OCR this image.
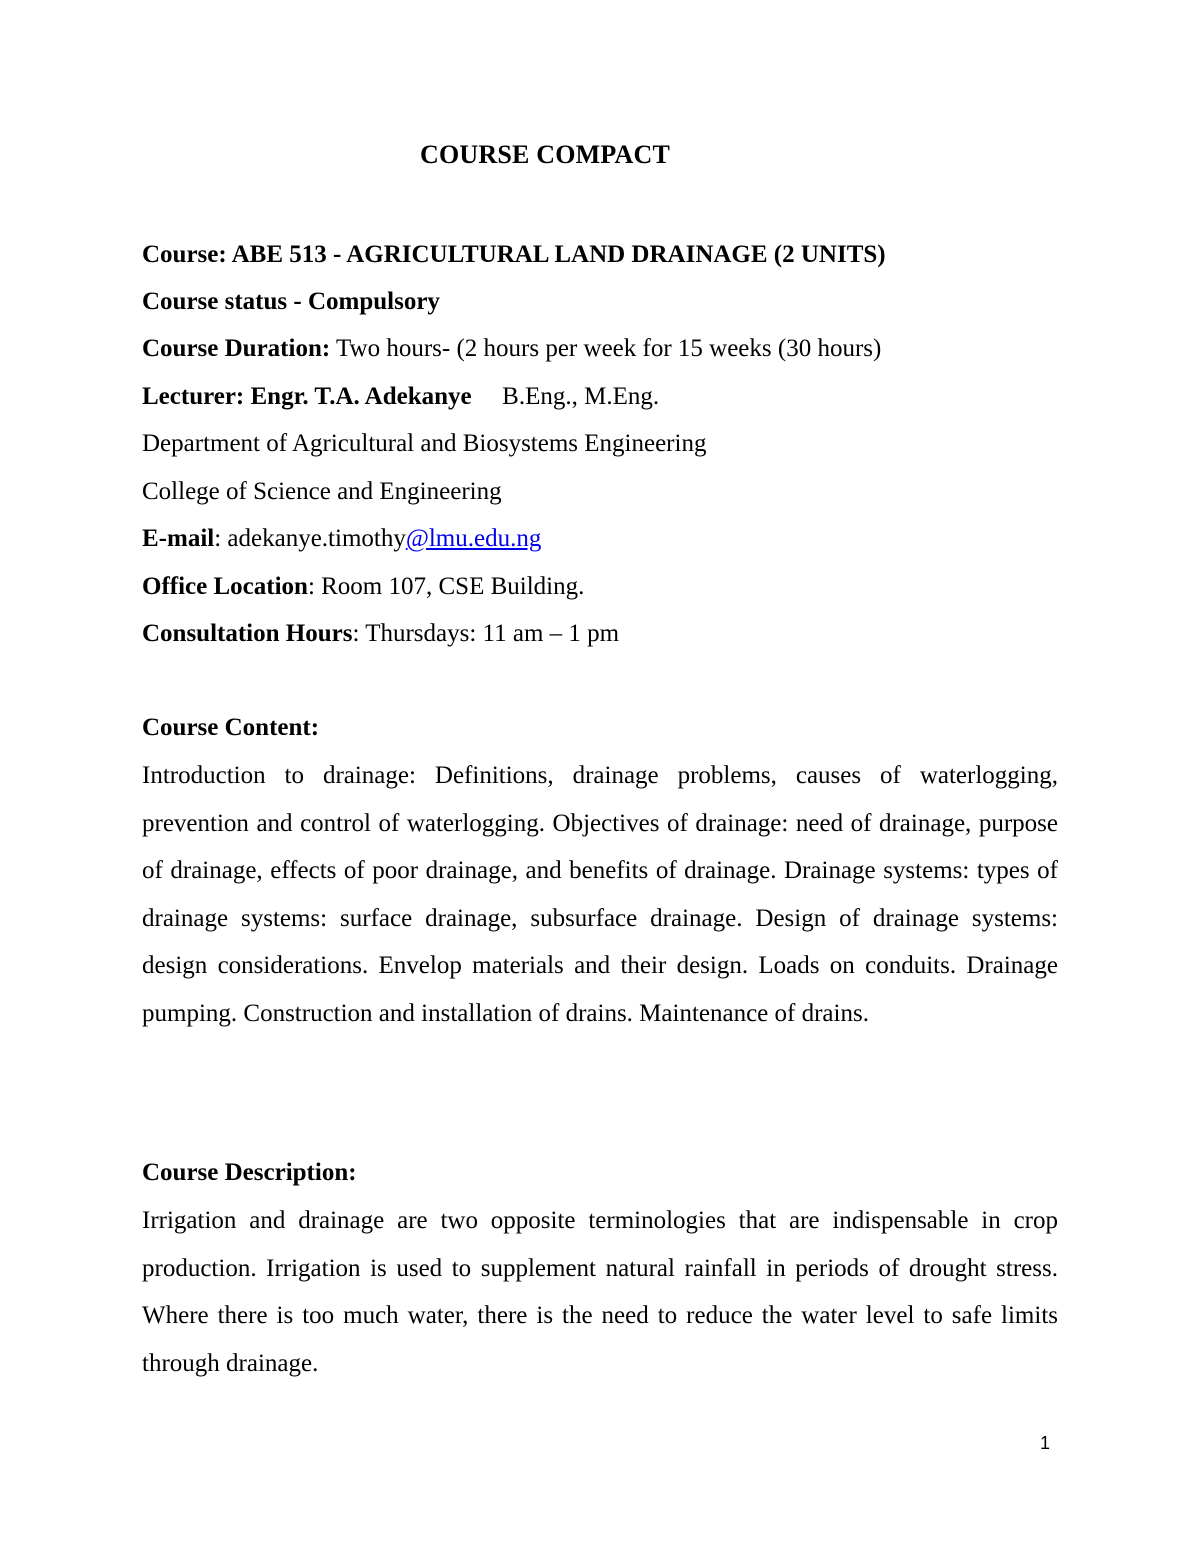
COURSE COMPACT
Course: ABE 513 - AGRICULTURAL LAND DRAINAGE (2 UNITS)
Course status - Compulsory
Course Duration: Two hours- (2 hours per week for 15 weeks (30 hours)
Lecturer: Engr. T.A. Adekanye B.Eng., M.Eng.
Department of Agricultural and Biosystems Engineering
College of Science and Engineering
E-mail: adekanye.timothy@lmu.edu.ng
Office Location: Room 107, CSE Building.
Consultation Hours: Thursdays: 11 am – 1 pm
Course Content:

Introduction to drainage: Definitions, drainage problems, causes of waterlogging, prevention and control of waterlogging. Objectives of drainage: need of drainage, purpose of drainage, effects of poor drainage, and benefits of drainage. Drainage systems: types of drainage systems: surface drainage, subsurface drainage. Design of drainage systems: design considerations. Envelop materials and their design. Loads on conduits. Drainage pumping. Construction and installation of drains. Maintenance of drains.

Course Description:

Irrigation and drainage are two opposite terminologies that are indispensable in crop production. Irrigation is used to supplement natural rainfall in periods of drought stress. Where there is too much water, there is the need to reduce the water level to safe limits through drainage.

1
